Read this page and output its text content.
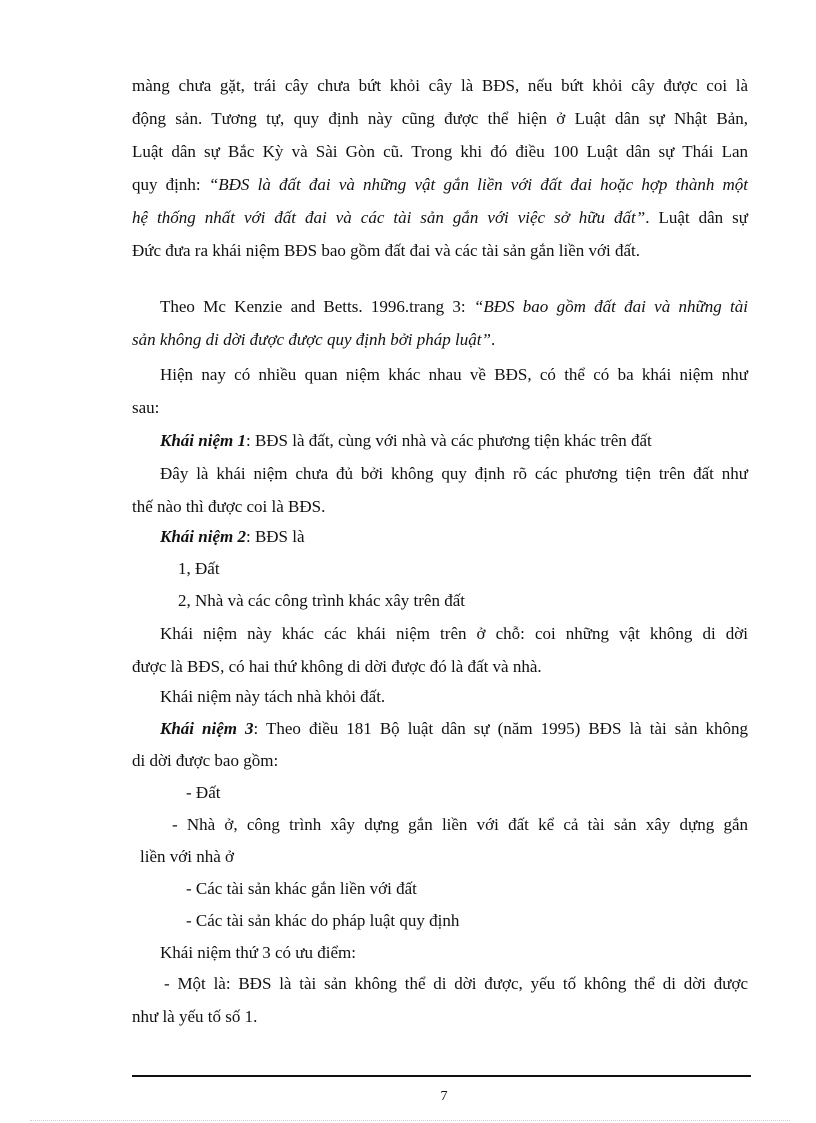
màng chưa gặt, trái cây chưa bứt khỏi cây là BĐS, nếu bứt khỏi cây được coi là

động sản. Tương tự, quy định này cũng được thể hiện ở Luật dân sự Nhật Bản,

Luật dân sự Bắc Kỳ và Sài Gòn cũ. Trong khi đó điều 100 Luật dân sự Thái Lan

quy định: “BĐS là đất đai và những vật gắn liền với đất đai hoặc hợp thành một

hệ thống nhất với đất đai và các tài sản gắn với việc sở hữu đất”. Luật dân sự

Đức đưa ra khái niệm BĐS bao gồm đất đai và các tài sản gắn liền với đất.

Theo Mc Kenzie and Betts. 1996.trang 3: “BĐS bao gồm đất đai và những tài

sản không di dời được được quy định bởi pháp luật”.

Hiện nay có nhiều quan niệm khác nhau về BĐS, có thể có ba khái niệm như

sau:

Khái niệm 1: BĐS là đất, cùng với nhà và các phương tiện khác trên đất

Đây là khái niệm chưa đủ bởi không quy định rõ các phương tiện trên đất như

thế nào thì được coi là BĐS.

Khái niệm 2: BĐS là

1, Đất

2, Nhà và các công trình khác xây trên đất

Khái niệm này khác các khái niệm trên ở chỗ: coi những vật không di dời

được là BĐS, có hai thứ không di dời được đó là đất và nhà.

Khái niệm này tách nhà khỏi đất.

Khái niệm 3: Theo điều 181 Bộ luật dân sự (năm 1995) BĐS là tài sản không

di dời được bao gồm:

- Đất

- Nhà ở, công trình xây dựng gắn liền với đất kể cả tài sản xây dựng gắn

liền với nhà ở

- Các tài sản khác gắn liền với đất

- Các tài sản khác do pháp luật quy định

Khái niệm thứ 3 có ưu điểm:

- Một là: BĐS là tài sản không thể di dời được, yếu tố không thể di dời được

như là yếu tố số 1.

7
